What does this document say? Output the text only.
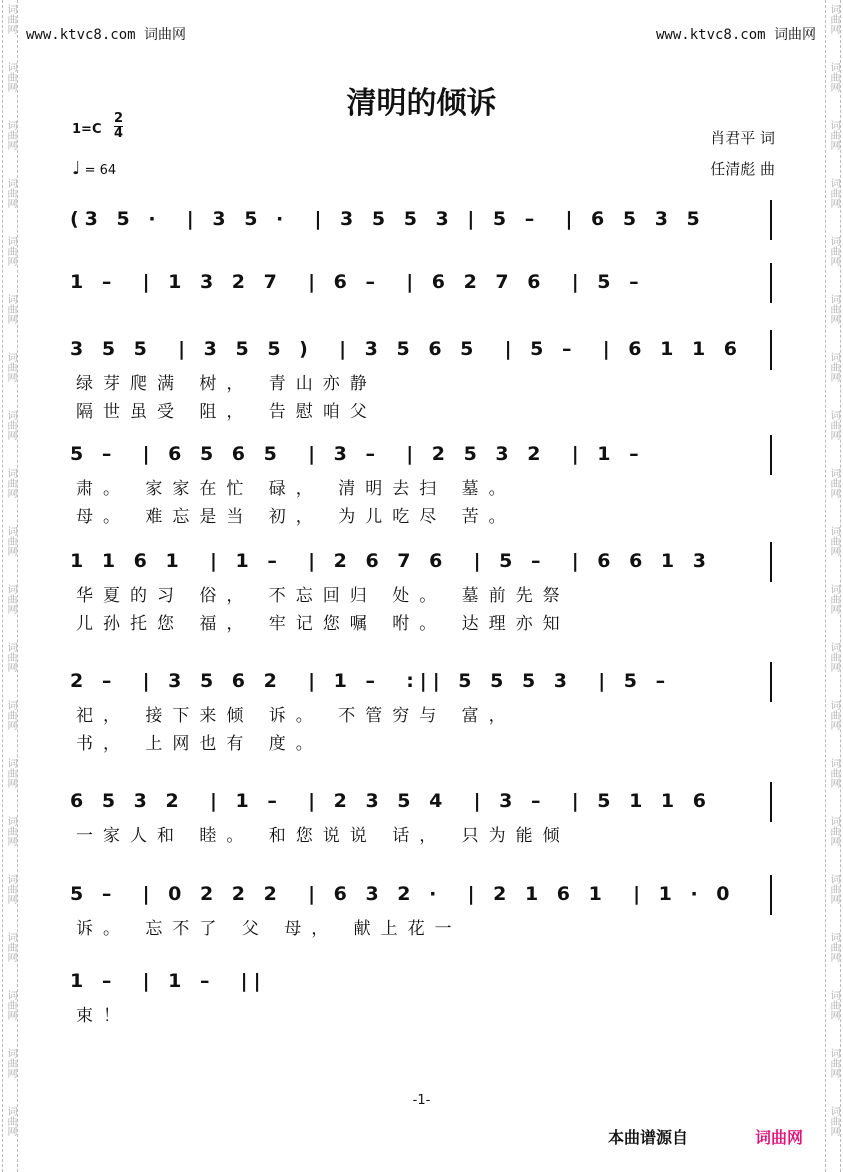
词曲网
词曲网
词曲网
词曲网
词曲网
词曲网
词曲网
词曲网
词曲网
词曲网
词曲网
词曲网
词曲网
词曲网
词曲网
词曲网
词曲网
词曲网
词曲网
词曲网
词曲网
词曲网
词曲网
词曲网
词曲网
词曲网
词曲网
词曲网
词曲网
词曲网
词曲网
词曲网
词曲网
词曲网
词曲网
词曲网
词曲网
词曲网
词曲网
词曲网
www.ktvc8.com 词曲网	www.ktvc8.com 词曲网
清明的倾诉
1=C
2
4
♩ = 64
肖君平 词
任清彪 曲
(3 5 ·  | 3 5 ·  | 3 5 5 3 | 5 –  | 6 5 3 5
1 –  | 1 3 2 7  | 6 –  | 6 2 7 6  | 5 –
3 5 5  | 3 5 5 )  | 3 5 6 5  | 5 –  | 6 1 1 6
绿芽爬满 树， 青山亦静
隔世虽受 阻， 告慰咱父
5 –  | 6 5 6 5  | 3 –  | 2 5 3 2  | 1 –
肃。 家家在忙 碌， 清明去扫 墓。
母。 难忘是当 初， 为儿吃尽 苦。
1 1 6 1  | 1 –  | 2 6 7 6  | 5 –  | 6 6 1 3
华夏的习 俗， 不忘回归 处。 墓前先祭
儿孙托您 福， 牢记您嘱 咐。 达理亦知
2 –  | 3 5 6 2  | 1 –  :|| 5 5 5 3  | 5 –
祀， 接下来倾 诉。 不管穷与 富，
书， 上网也有 度。
6 5 3 2  | 1 –  | 2 3 5 4  | 3 –  | 5 1 1 6
一家人和 睦。 和您说说 话， 只为能倾
5 –  | 0 2 2 2  | 6 3 2 ·  | 2 1 6 1  | 1 · 0
诉。 忘不了 父 母， 献上花一
1 –  | 1 –  ||
束！
-1-
本曲谱源自	词曲网
